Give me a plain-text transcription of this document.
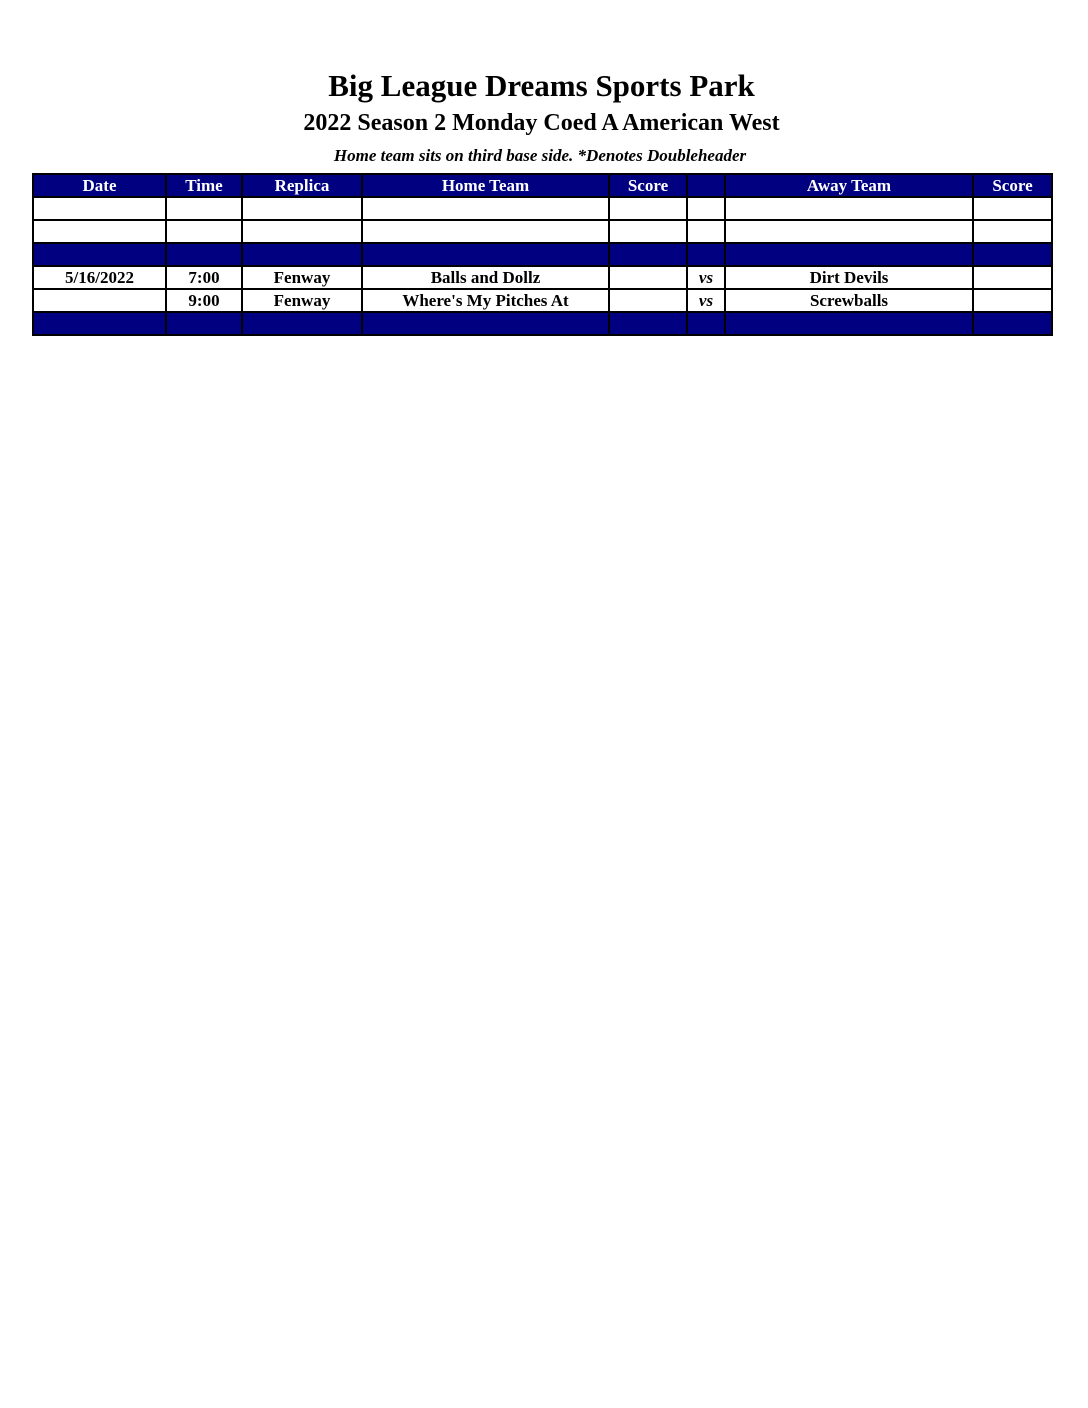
Big League Dreams Sports Park
2022 Season 2 Monday Coed A American West

Home team sits on third base side. *Denotes Doubleheader

Date	Time	Replica	Home Team	Score		Away Team	Score

5/16/2022	7:00	Fenway	Balls and Dollz		vs	Dirt Devils	
	9:00	Fenway	Where's My Pitches At		vs	Screwballs	
